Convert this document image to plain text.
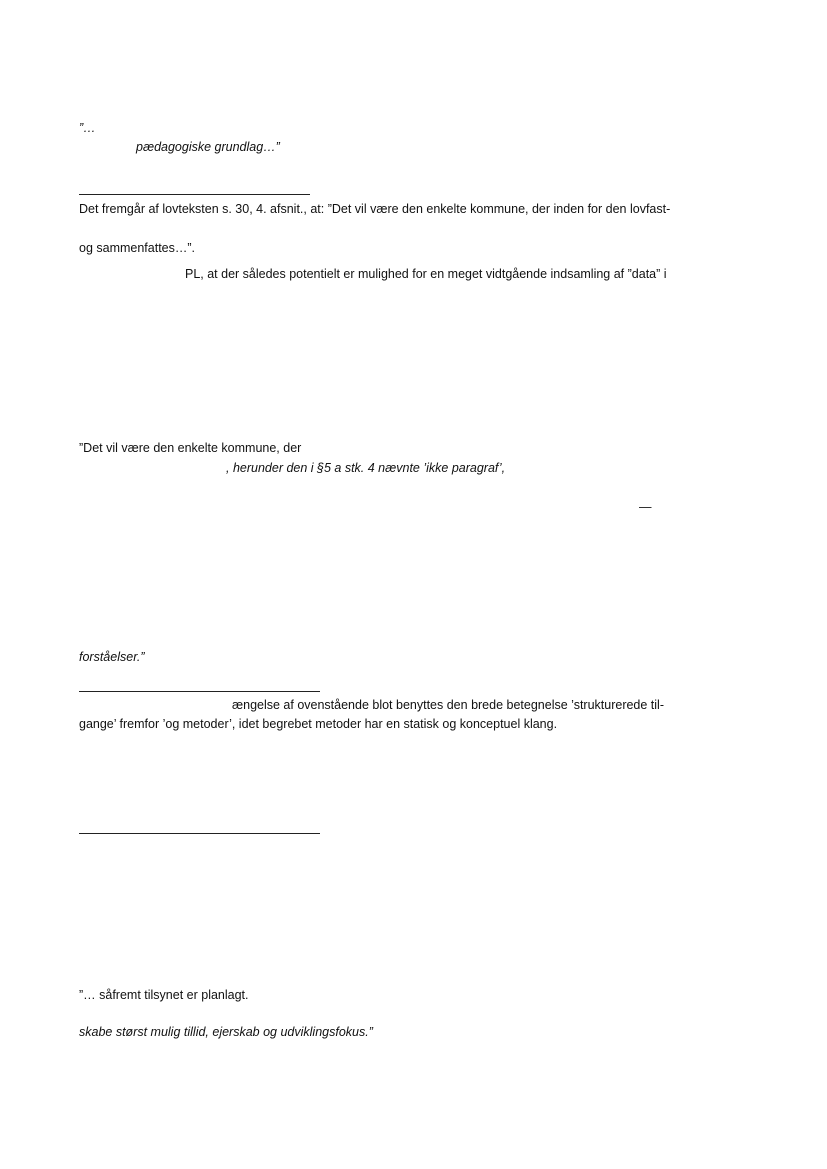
”…
pædagogiske grundlag…”
Det fremgår af lovteksten s. 30, 4. afsnit., at: ”Det vil være den enkelte kommune, der inden for den lovfast-
og sammenfattes…”.
PL, at der således potentielt er mulighed for en meget vidtgående indsamling af ”data” i
”Det vil være den enkelte kommune, der
, herunder den i §5 a stk. 4 nævnte ’ikke paragraf’,
—
forståelser.”
ængelse af ovenstående blot benyttes den brede betegnelse ’strukturerede til-
gange’ fremfor ’og metoder’, idet begrebet metoder har en statisk og konceptuel klang.
”… såfremt tilsynet er planlagt.
skabe størst mulig tillid, ejerskab og udviklingsfokus.”
